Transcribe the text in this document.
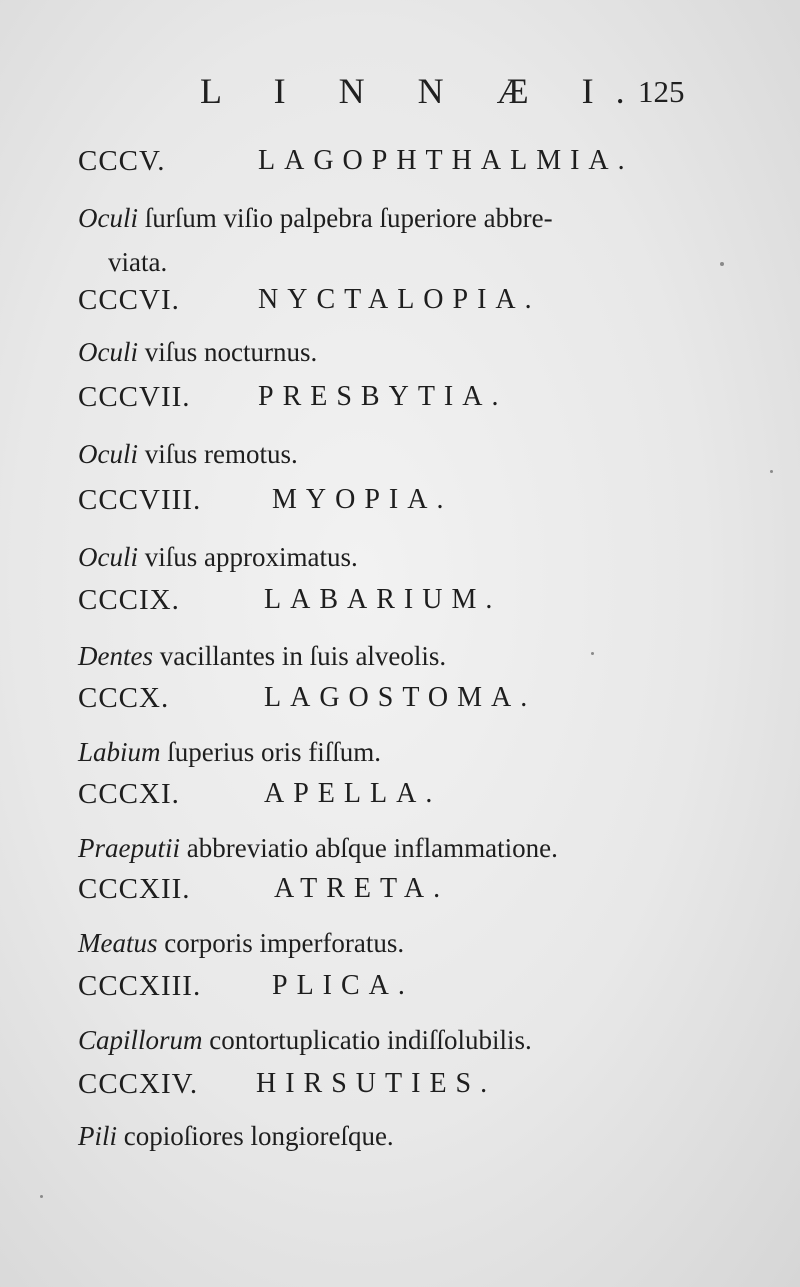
L I N N Æ I.
125
CCCV.	LAGOPHTHALMIA.
Oculi ſurſum viſio palpebra ſuperiore abbre-
viata.
CCCVI.	NYCTALOPIA.
Oculi viſus nocturnus.
CCCVII. PRESBYTIA.
Oculi viſus remotus.
CCCVIII.	MYOPIA.
Oculi viſus approximatus.
CCCIX.	LABARIUM.
Dentes vacillantes in ſuis alveolis.
CCCX.	LAGOSTOMA.
Labium ſuperius oris fiſſum.
CCCXI.	APELLA.
Praeputii abbreviatio abſque inflammatione.
CCCXII.	ATRETA.
Meatus corporis imperforatus.
CCCXIII.	PLICA.
Capillorum contortuplicatio indiſſolubilis.
CCCXIV. HIRSUTIES.
Pili copioſiores longioreſque.
